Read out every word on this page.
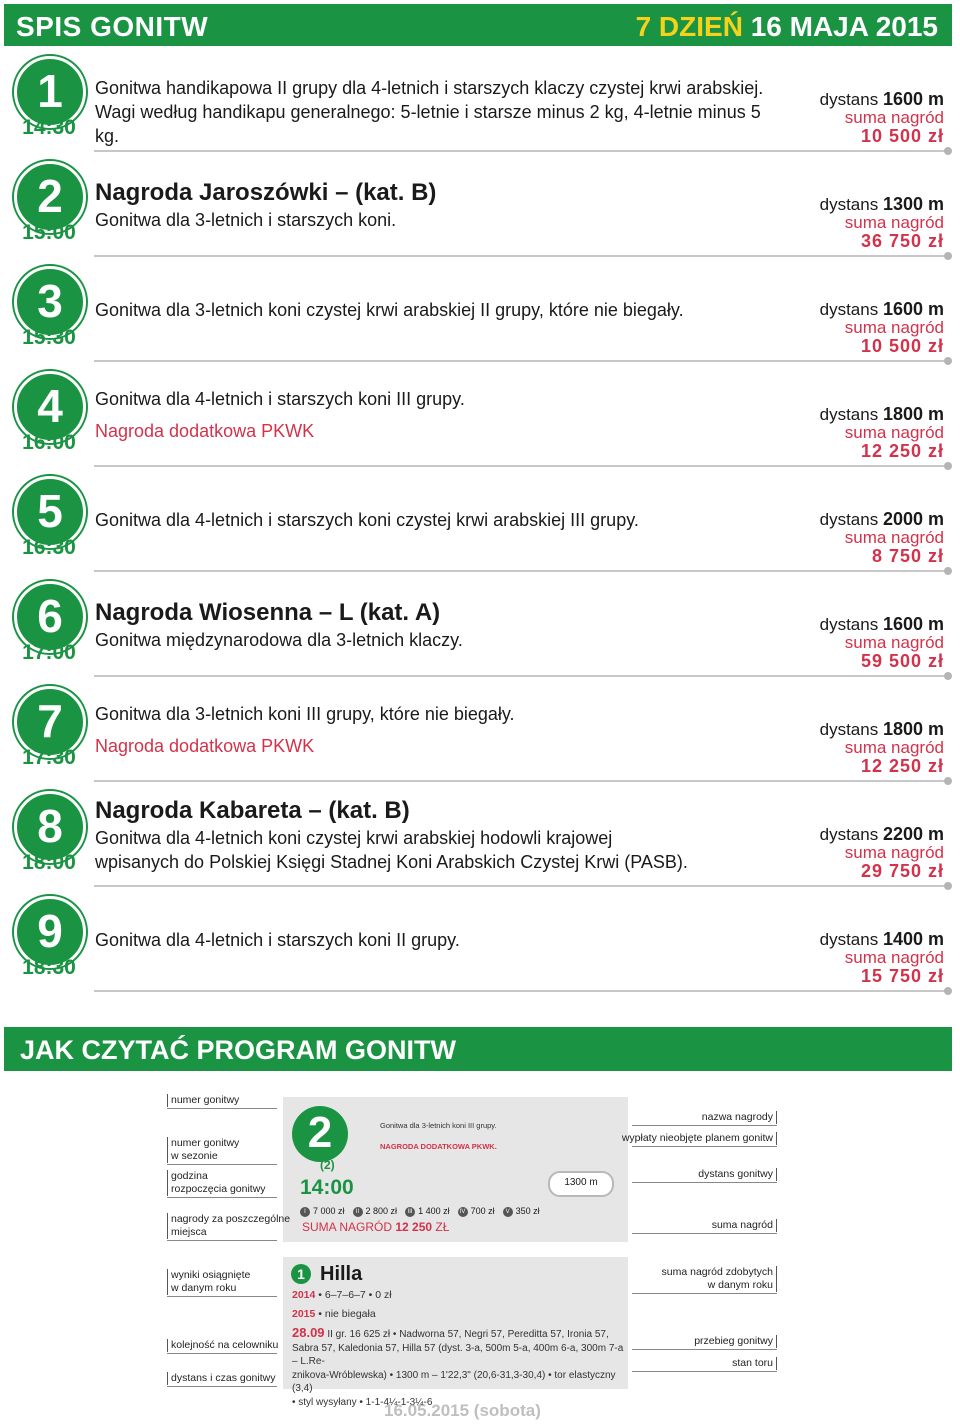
SPIS GONITW	7 DZIEŃ 16 MAJA 2015
1
14:30
Gonitwa handikapowa II grupy dla 4-letnich i starszych klaczy czystej krwi arabskiej.
Wagi według handikapu generalnego: 5-letnie i starsze minus 2 kg, 4-letnie minus 5 kg.
dystans 1600 m
suma nagród
10 500 zł
2
15:00
Nagroda Jaroszówki – (kat. B)
Gonitwa dla 3-letnich i starszych koni.
dystans 1300 m
suma nagród
36 750 zł
3
15:30
Gonitwa dla 3-letnich koni czystej krwi arabskiej II grupy, które nie biegały.	dystans 1600 m
suma nagród
10 500 zł
4
16:00
Gonitwa dla 4-letnich i starszych koni III grupy.
Nagroda dodatkowa PKWK
dystans 1800 m
suma nagród
12 250 zł
5
16:30
Gonitwa dla 4-letnich i starszych koni czystej krwi arabskiej III grupy.	dystans 2000 m
suma nagród
8 750 zł
6
17:00
Nagroda Wiosenna – L (kat. A)
Gonitwa międzynarodowa dla 3-letnich klaczy.
dystans 1600 m
suma nagród
59 500 zł
7
17:30
Gonitwa dla 3-letnich koni III grupy, które nie biegały.
Nagroda dodatkowa PKWK
dystans 1800 m
suma nagród
12 250 zł
8
18:00
Nagroda Kabareta – (kat. B)
Gonitwa dla 4-letnich koni czystej krwi arabskiej hodowli krajowej
wpisanych do Polskiej Księgi Stadnej Koni Arabskich Czystej Krwi (PASB).
dystans 2200 m
suma nagród
29 750 zł
9
18:30
Gonitwa dla 4-letnich i starszych koni II grupy.	dystans 1400 m
suma nagród
15 750 zł
JAK CZYTAĆ PROGRAM GONITW
2
(2)
14:00
Gonitwa dla 3-letnich koni III grupy.
NAGRODA DODATKOWA PKWK.
1300 m
I 7 000 zł II 2 800 zł III 1 400 zł IV 700 zł V 350 zł
SUMA NAGRÓD 12 250 ZŁ
1 Hilla
2014 • 6–7–6–7 • 0 zł
2015 • nie biegała
28.09 II gr. 16 625 zł • Nadworna 57, Negri 57, Pereditta 57, Ironia 57,
Sabra 57, Kaledonia 57, Hilla 57 (dyst. 3-a, 500m 5-a, 400m 6-a, 300m 7-a – L.Re-
znikova-Wróblewska) • 1300 m – 1'22,3" (20,6-31,3-30,4) • tor elastyczny (3,4)
• styl wysyłany • 1-1-4¼-1-3¼-6
numer gonitwy
numer gonitwy
w sezonie
godzina
rozpoczęcia gonitwy
nagrody za poszczególne
miejsca
wyniki osiągnięte
w danym roku
kolejność na celowniku
dystans i czas gonitwy
nazwa nagrody
wypłaty nieobjęte planem gonitw
dystans gonitwy
suma nagród
suma nagród zdobytych
w danym roku
przebieg gonitwy
stan toru
16.05.2015 (sobota)
